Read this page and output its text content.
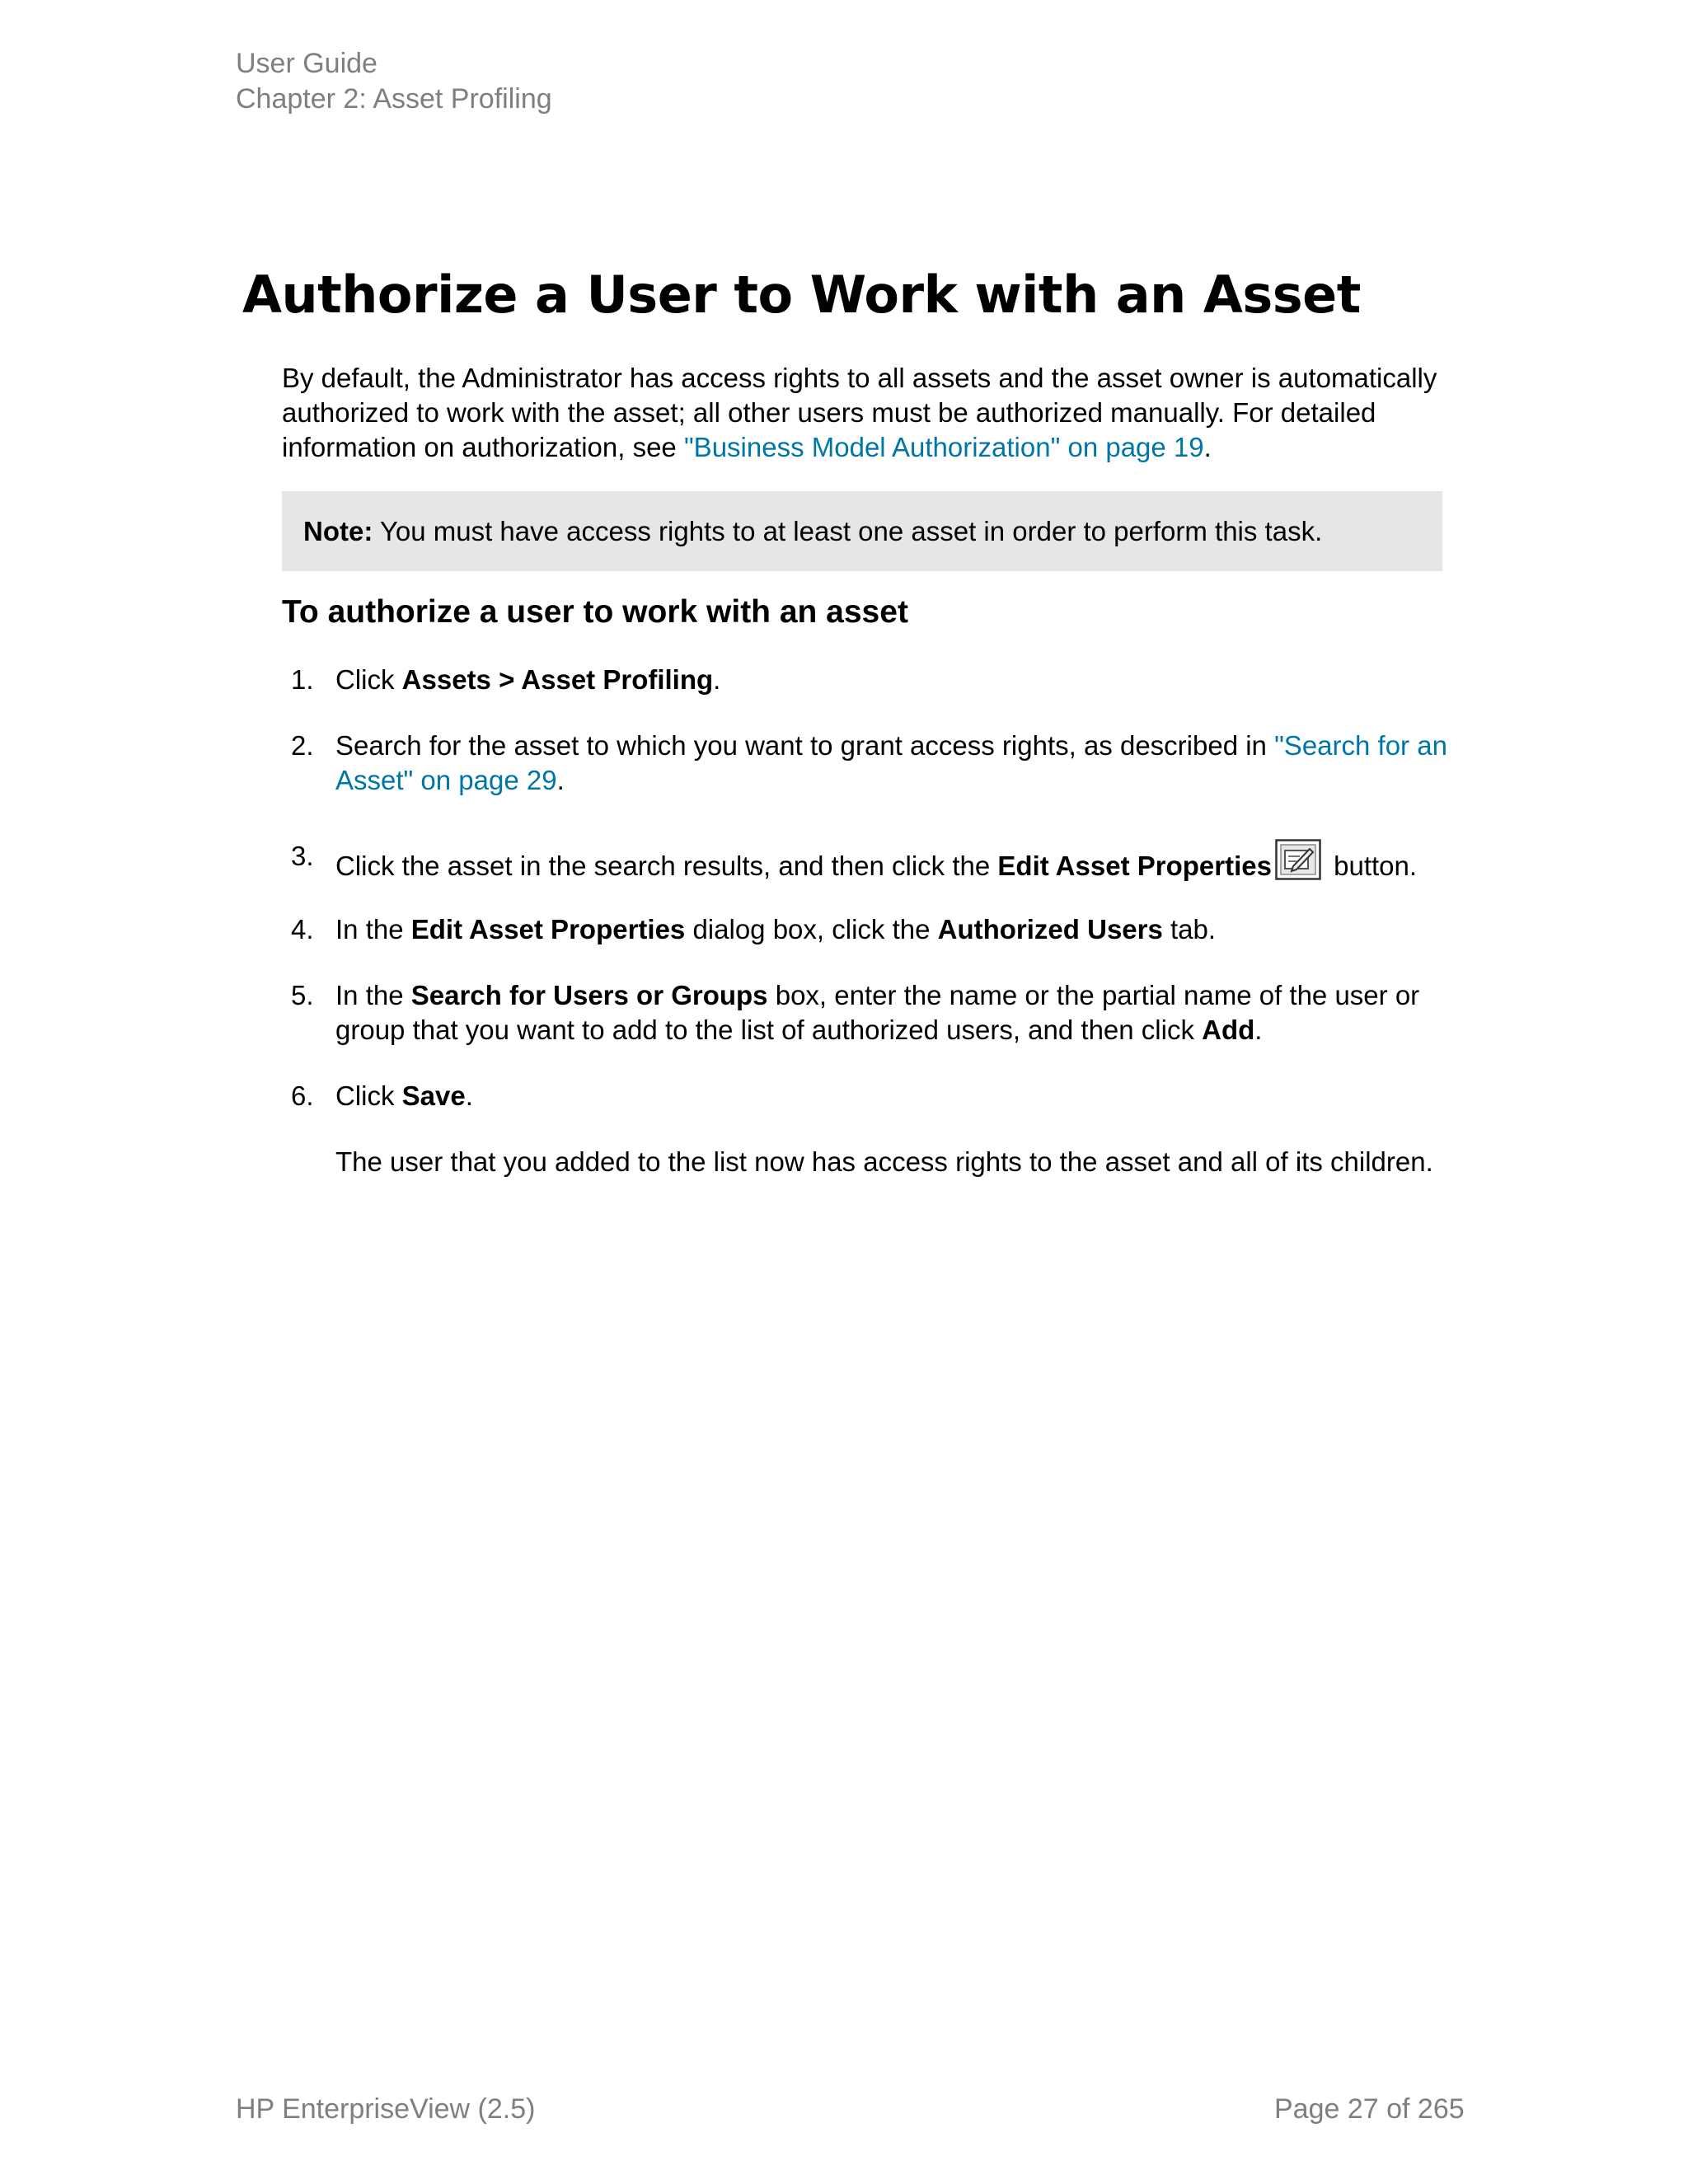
User Guide
Chapter 2: Asset Profiling
Authorize a User to Work with an Asset

By default, the Administrator has access rights to all assets and the asset owner is automatically authorized to work with the asset; all other users must be authorized manually. For detailed information on authorization, see "Business Model Authorization" on page 19.

Note: You must have access rights to at least one asset in order to perform this task.
To authorize a user to work with an asset
1. Click Assets > Asset Profiling.
2. Search for the asset to which you want to grant access rights, as described in "Search for an Asset" on page 29.
3. Click the asset in the search results, and then click the Edit Asset Properties button.
4. In the Edit Asset Properties dialog box, click the Authorized Users tab.
5. In the Search for Users or Groups box, enter the name or the partial name of the user or group that you want to add to the list of authorized users, and then click Add.
6. Click Save.
The user that you added to the list now has access rights to the asset and all of its children.
HP EnterpriseView (2.5)	Page 27 of 265
